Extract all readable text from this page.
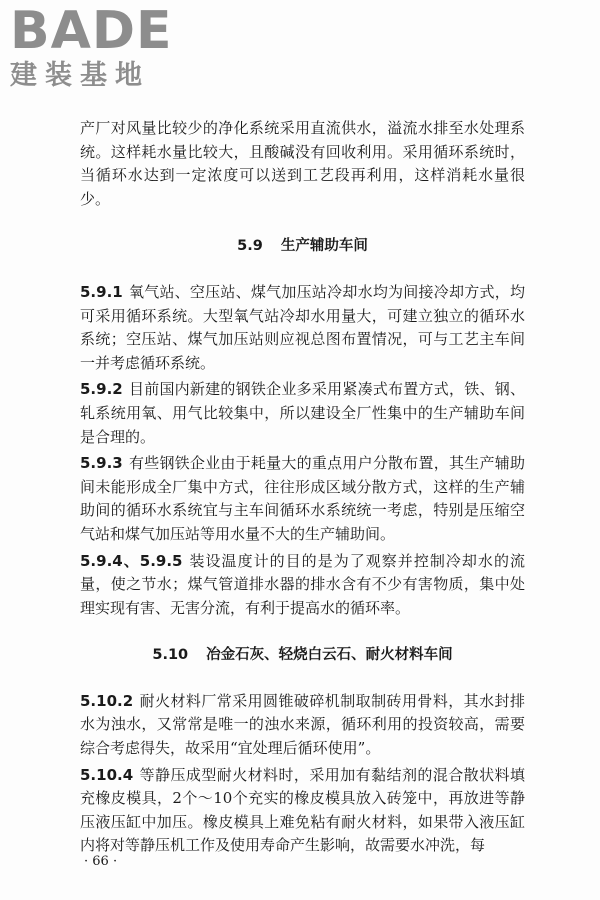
BADE
建装基地

产厂对风量比较少的净化系统采用直流供水，溢流水排至水处理系统。这样耗水量比较大，且酸碱没有回收利用。采用循环系统时，当循环水达到一定浓度可以送到工艺段再利用，这样消耗水量很少。

5.9 生产辅助车间

5.9.1 氧气站、空压站、煤气加压站冷却水均为间接冷却方式，均可采用循环系统。大型氧气站冷却水用量大，可建立独立的循环水系统；空压站、煤气加压站则应视总图布置情况，可与工艺主车间一并考虑循环系统。

5.9.2 目前国内新建的钢铁企业多采用紧凑式布置方式，铁、钢、轧系统用氧、用气比较集中，所以建设全厂性集中的生产辅助车间是合理的。

5.9.3 有些钢铁企业由于耗量大的重点用户分散布置，其生产辅助间未能形成全厂集中方式，往往形成区域分散方式，这样的生产辅助间的循环水系统宜与主车间循环水系统统一考虑，特别是压缩空气站和煤气加压站等用水量不大的生产辅助间。

5.9.4、5.9.5 装设温度计的目的是为了观察并控制冷却水的流量，使之节水；煤气管道排水器的排水含有不少有害物质，集中处理实现有害、无害分流，有利于提高水的循环率。

5.10 冶金石灰、轻烧白云石、耐火材料车间

5.10.2 耐火材料厂常采用圆锥破碎机制取制砖用骨料，其水封排水为浊水，又常常是唯一的浊水来源，循环利用的投资较高，需要综合考虑得失，故采用“宜处理后循环使用”。

5.10.4 等静压成型耐火材料时，采用加有黏结剂的混合散状料填充橡皮模具，2个～10个充实的橡皮模具放入砖笼中，再放进等静压液压缸中加压。橡皮模具上难免粘有耐火材料，如果带入液压缸内将对等静压机工作及使用寿命产生影响，故需要水冲洗，每

· 66 ·
